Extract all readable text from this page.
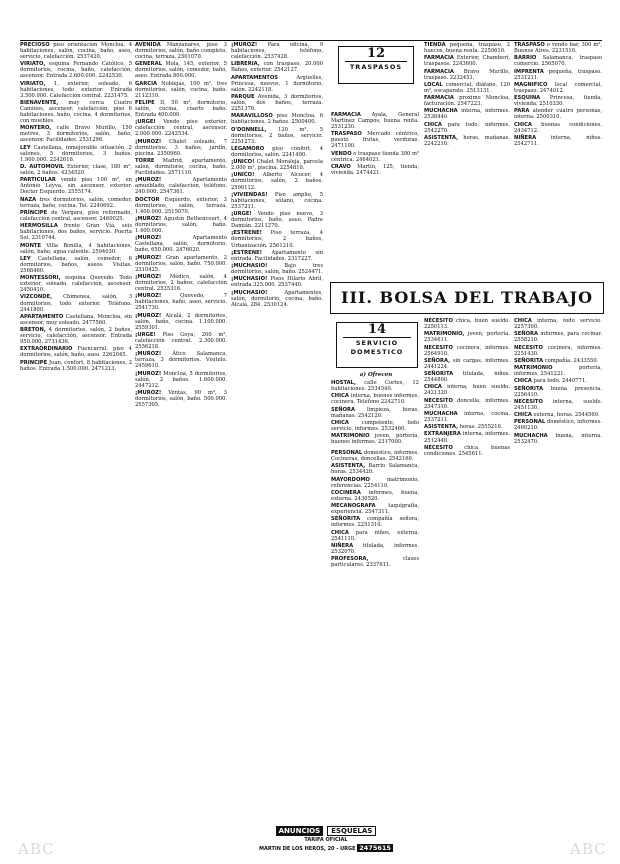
PRECIOSO piso orientación Moncloa, 4 habitaciones, salón, cocina, baño, aseo, servicio, calefacción. 2537420.

VIRIATO, esquina Fernando Católico, 5 dormitorios, cocina, baño, calefacción, ascensor. Entrada 2.600.000. 2242530.

VIRIATO, 1, exterior, soleado, 6 habitaciones, todo exterior. Entrada 3.500.000. Calefacción central. 2231475.

BIENAVENTE, muy cerca Cuatro Caminos, ascensor, calefacción, piso 6 habitaciones, baño, cocina, 4 dormitorios, con muebles.

MONTERO, calle Bravo Murillo, 150 metros, 3 dormitorios, salón, baño, ascensor. Facilidades. 2531296.

LEY Castellana, inmejorable situación, 2 salones, 5 dormitorios, 3 baños. 1.900.000. 2242616.

D. AUTOMOVIL Exterior, clase, 180 m², salón, 2 baños. 4234520.

PARTICULAR vende piso 100 m², en Antonio Leyva, sin ascensor, exterior. Doctor Esquerdo. 2555174.

NAZA tres dormitorios, salón, comedor, terraza, baño, cocina. Tel. 2240692.

PRÍNCIPE de Vergara, piso reformado, calefacción central, ascensor. 2460025.

HERMOSILLA frente Gran Vía, seis habitaciones, dos baños, servicio. Puerta Sol. 2310744.

MONTE Villa Bonilla, 4 habitaciones, salón, baño, agua caliente. 2594030.

LEY Castellana, salón, comedor, 6 dormitorios, baños, aseos. Visitas. 2568460.

MONTESSORI, esquina Quevedo. Todo exterior, soleado, calefacción, ascensor. 2450410.

VIZCONDE, Chimenea, salón, 3 dormitorios, todo exterior. Teléfono. 2441800.

APARTAMENTO Castellana, Moncloa, sin ascensor, muy soleado. 2477560.

BRETON, 4 dormitorios, salón, 2 baños, servicio, calefacción, ascensor. Entrada 950.000. 2731436.

EXTRAORDINARIO Fuencarral, piso 4 dormitorios, salón, baño, aseo. 2262045.

PRINCIPE Juan, confort, 8 habitaciones, 2 baños. Entrada 1.500.000. 2471213.

AVENIDA Manzanares, piso 3 dormitorios, salón, baño completo, cocina, terraza. 2501070.

GENERAL Mola, 145, exterior, 5 dormitorios, salón, comedor, baño, aseo. Entrada 800.000.

GARCIA Noblejas, 100 m², tres dormitorios, salón, cocina, baño. 2112310.

FELIPE II, 50 m², dormitorio, salón, cocina, cuarto baño. Entrada 400.000.

¡URGE! Vendo piso exterior, calefacción central, ascensor. 2.000.000. 2242534.

¡MUROZ! Chalet soleado, 7 dormitorios, 3 baños, jardín, piscina. 2350960.

TORRE Madrid, apartamento, salón, dormitorio, cocina, baño. Facilidades. 2571110.

¡MUROZ! Apartamento amueblado, calefacción, teléfono. 240.000. 2547361.

DOCTOR Esquerdo, exterior, 3 dormitorios, salón, terraza. 1.400.000. 2515070.

¡MUROZ! Agustín Bethencourt, 4 dormitorios, salón, baño. 1.400.000.

¡MUROZ! Apartamento Castellana, salón, dormitorio, baño. 650.000. 2476020.

¡MUROZ! Gran apartamento, 2 dormitorios, salón, baño. 750.000. 2310425.

¡MUROZ! Médico, salón, 4 dormitorios, 2 baños, calefacción central. 2535316.

¡MUROZ! Quevedo, 7 habitaciones, baño, aseo, servicio. 2541730.

¡MUROZ! Alcalá, 2 dormitorios, salón, baño, cocina. 1.100.000. 2559301.

¡URGE! Piso Goya, 200 m², calefacción central. 2.300.000. 2556218.

¡MUROZ! Ático Salamanca, terraza, 3 dormitorios. Visítelo. 2459610.

¡MUROZ! Moncloa, 5 dormitorios, salón, 2 baños. 1.600.000. 2447212.

¡MUROZ! Ventas, 90 m², 3 dormitorios, salón, baño. 500.000. 2557305.

¡MUROZ! Para oficina, 9 habitaciones, teléfono, calefacción. 2537428.

LIBRERIA, con traspaso, 20.000 Baños, exterior. 2542127.

APARTAMENTOS Argüelles, Princesa, nuevos, 1 dormitorio, salón. 2242118.

PARQUE Avenida, 3 dormitorios, salón, dos baños, terraza. 2251376.

MARAVILLOSO piso Moncloa, 6 habitaciones, 2 baños. 2500400.

O'DONNELL, 120 m², 5 dormitorios, 2 baños, servicio. 2251273.

LEGAMORO piso confort, 4 dormitorios, salón. 2241400.

¡UNICO! Chalet Moraleja, parcela 2.000 m², piscina. 2254810.

¡UNICO! Alberto Alcocer, 4 dormitorios, salón, 2 baños. 2590112.

¡VIVIENDAS! Piso amplio, 5 habitaciones, sótano, cocina. 2537211.

¡URGE! Vendo piso nuevo, 3 dormitorios, baño, aseo. Padre Damián. 2211270.

¡ESTRENE! Piso terraza, 4 dormitorios, 2 baños, Urbanización. 2561210.

¡ESTRENE! Apartamento sin entrada. Facilidades. 2317227.

¡MUCHASIO! Bajo tres dormitorios, salón, baño. 2524471.

¡MUCHASIO! Pisos Hilario Abril, entrada 325.000. 2537440.

¡MUCHASIO! Apartamentos, salón, dormitorio, cocina, baño. Alcalá, 284. 2530124.

FARMACIA Ayala, General Martínez Campos, buena renta. 2531230.

TRASPASO Mercado céntrico, puesto frutas, verduras. 2471100.

VENDO o traspaso tienda 300 m² céntrica. 2464021.

CRAVO Martín, 125, tienda, vivienda. 2474421.

TIENDA pequeña, traspaso, 2 huecos, buena renta. 2250610.

FARMACIA Exterior, Chamberí, traspasos. 2243600.

FARMACIA Bravo Murillo, traspaso. 2232451.

LOCAL comercial, diáfano, 120 m², escaparate. 2513131.

FARMACIA proximo Moncloa, facturación. 2547223.

MUCHACHA interna, informes. 2538440.

CHICA para todo, informes. 2542270.

ASISTENTA, horas, mañanas. 2242210.

TRASPASO o vendo bar, 300 m², Buenos Aires. 2231510.

BARRIO Salamanca, traspaso comercio. 2565070.

IMPRENTA pequeña, traspaso. 2531211.

MAGNIFICO local comercial, traspaso. 2474012.

ESQUINA Princesa, tienda, vivienda. 2510330.

PARA atender cuatro personas, interna. 2500310.

CHICA buenas condiciones. 2434712.

NIÑERA interna, niños. 2542711.

PERSONAL doméstico, informes. Cocineras, doncellas. 2542160.

ASISTENTA, Barrio Salamanca, horas. 2534420.

MAYORDOMO matrimonio, referencias. 2254110.

COCINERA informes, buena, externa. 2430520.

MECANOGRAFA taquigrafía, experiencia. 2547311.

SEÑORITA compañía señora, informes. 2251310.

CHICA para niños, externa. 2541110.

NIÑERA titulada, informes. 2532070.

PROFESORA, clases particulares. 2337611.

NECESITO chica, buen sueldo. 2250113.

MATRIMONIO, joven, portería. 2534611.

NECESITO cocinera, informes. 2564910.

SEÑORA, sin cargas, informes. 2441224.

SEÑORITA titulada, niños. 2544800.

CHICA interna, buen sueldo. 2421320.

NECESITO doncella, informes. 2347310.

MUCHACHA interna, cocina. 2537211.

ASISTENTA, horas. 2555210.

EXTRANJERA interna, informes. 2512440.

NECESITO chica, buenas condiciones. 2545611.

CHICA interna, todo servicio. 2257300.

SEÑORA informes, para cocinar. 2558210.

NECESITO cocinera, informes. 2251430.

SEÑORITA compañía. 2433550.

MATRIMONIO portería, informes. 2541221.

CHICA para todo. 2440771.

SEÑORITA buena presencia. 2256410.

NECESITO interna, sueldo. 2451130.

CHICA externa, horas. 2544560.

PERSONAL doméstico, informes. 2460210.

MUCHACHA buena, interna. 2532470.

12
TRASPASOS
III. BOLSA DEL TRABAJO
14
SERVICIO
DOMESTICO
a) Ofrecen

HOSTAL, calle Cortes, 12 habitaciones. 2534540.

CHICA interna, buenos informes, cocinera. Teléfono 2242710.

SEÑORA limpieza, horas, mañanas. 2542120.

CHICA competente, todo servicio, informes. 2532460.

MATRIMONIO joven, portería, buenos informes. 2317000.

ANUNCIOS	ESQUELAS
TARIFA OFICIAL
MARTIN DE LOS HEROS, 20 - URGE 2475615
ABC	ABC
